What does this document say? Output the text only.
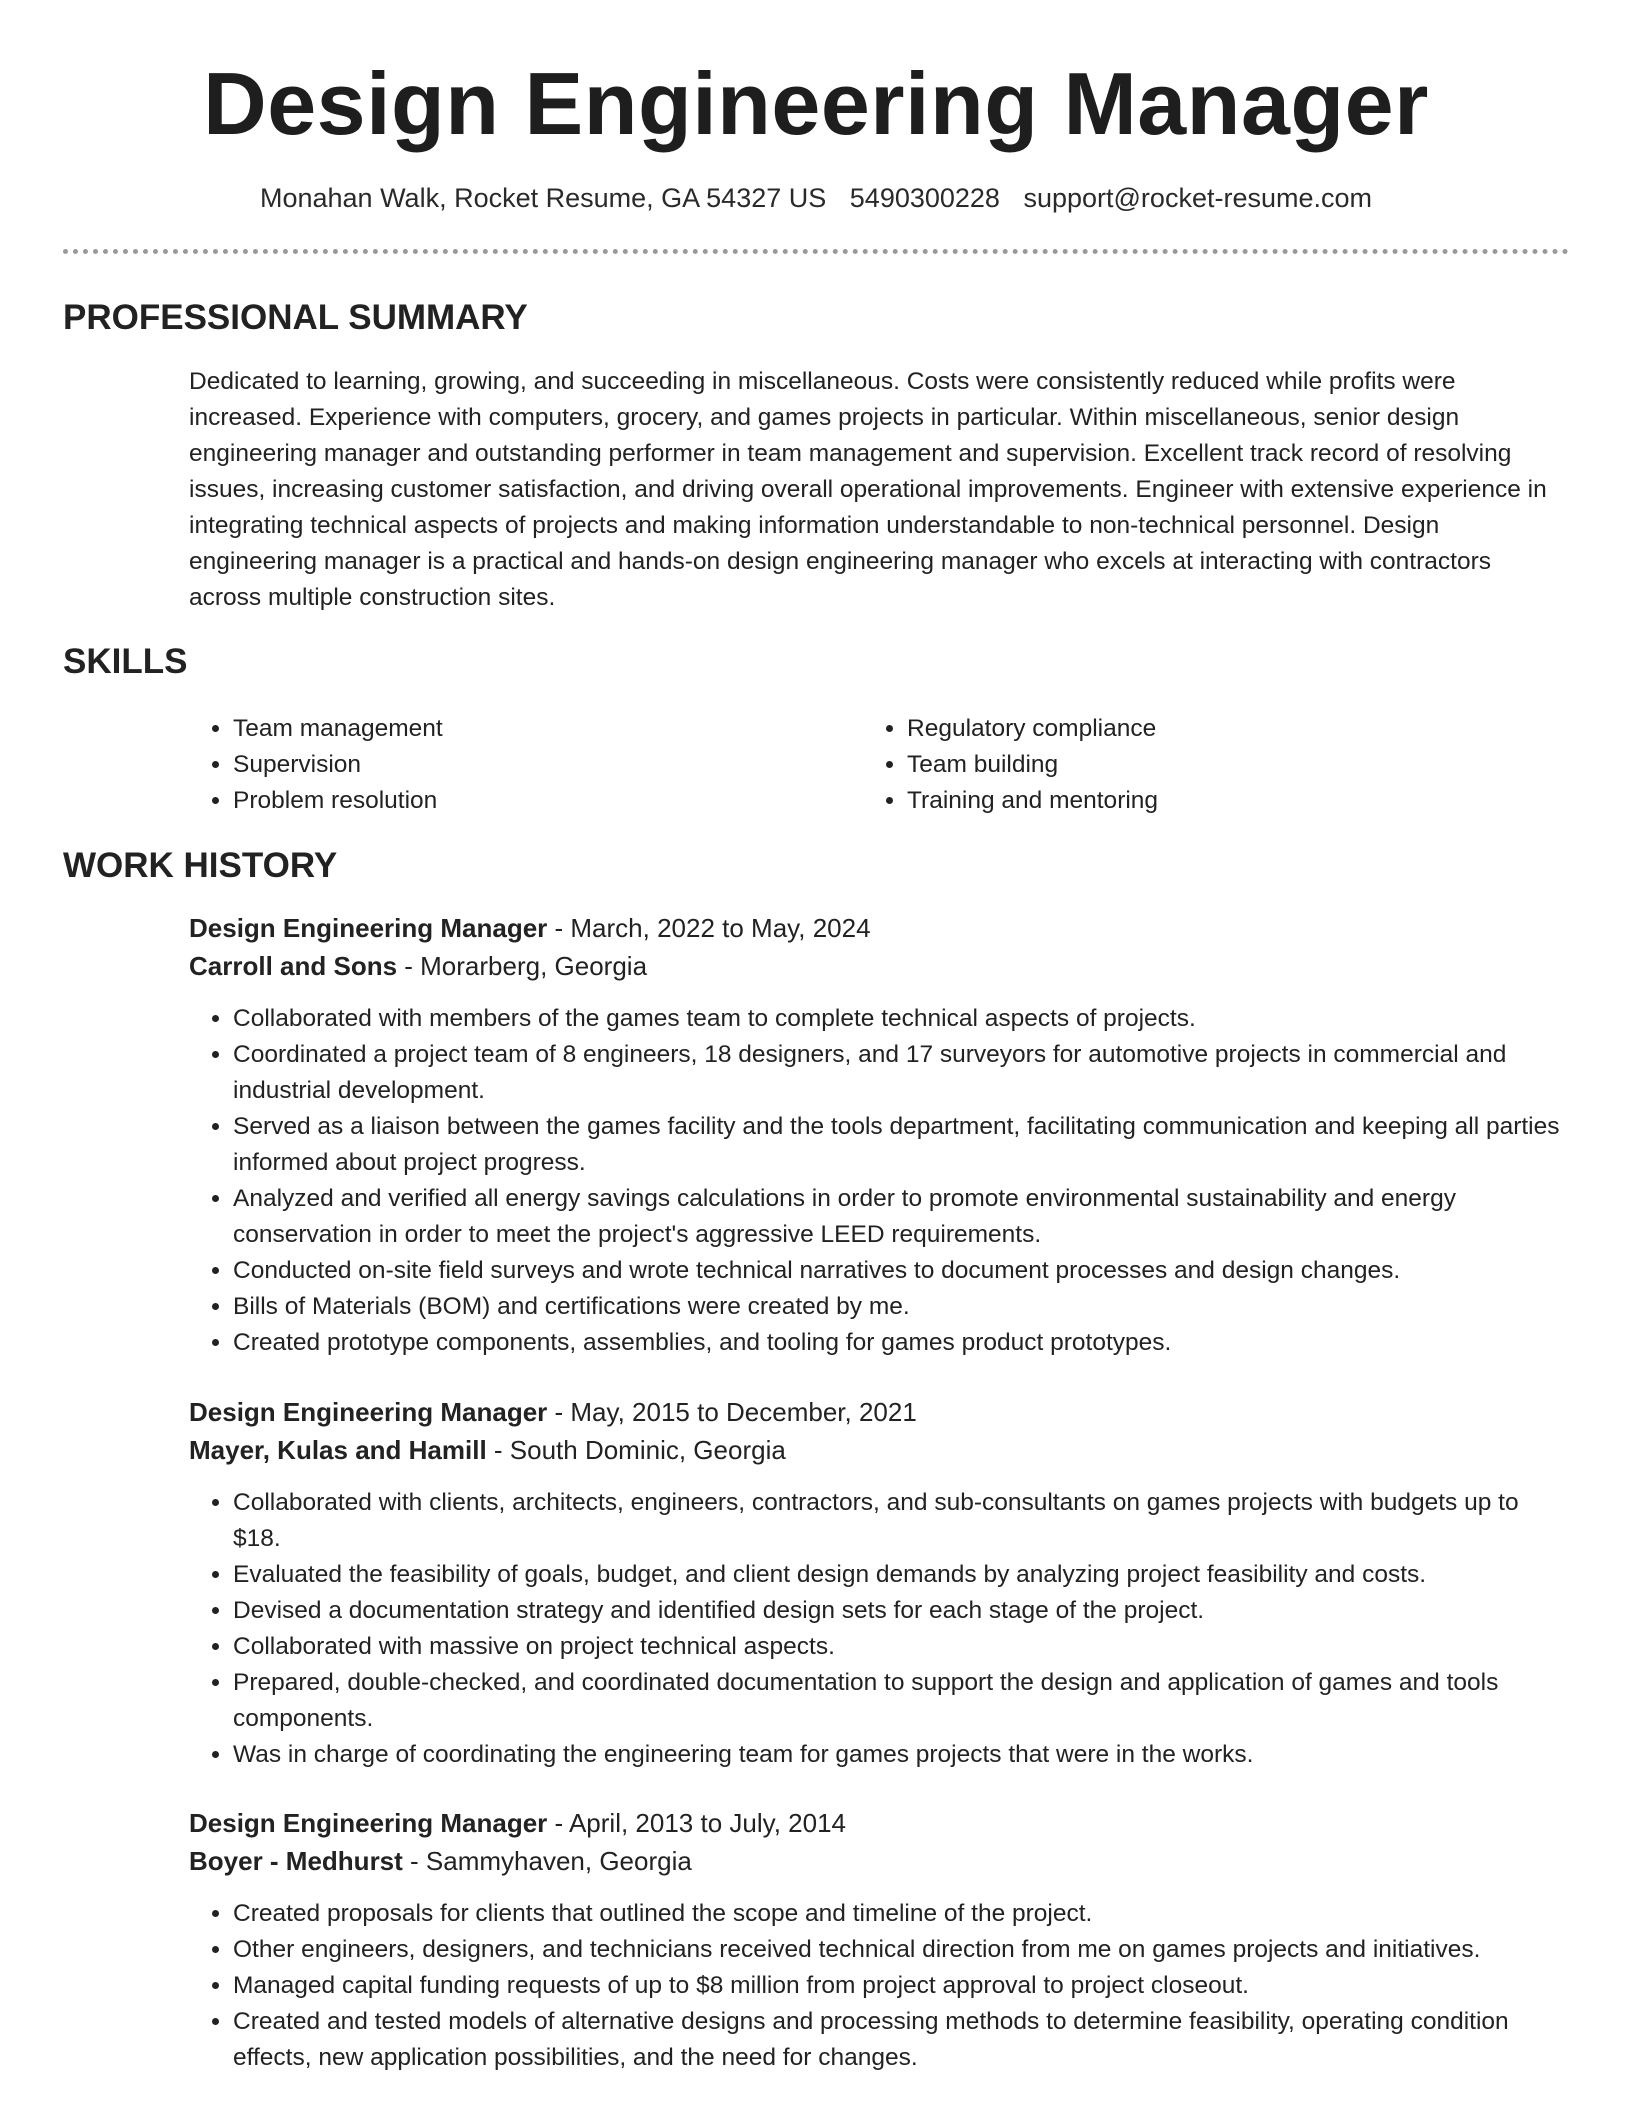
Design Engineering Manager
Monahan Walk, Rocket Resume, GA 54327 US 5490300228 support@rocket-resume.com
PROFESSIONAL SUMMARY

Dedicated to learning, growing, and succeeding in miscellaneous. Costs were consistently reduced while profits were increased. Experience with computers, grocery, and games projects in particular. Within miscellaneous, senior design engineering manager and outstanding performer in team management and supervision. Excellent track record of resolving issues, increasing customer satisfaction, and driving overall operational improvements. Engineer with extensive experience in integrating technical aspects of projects and making information understandable to non-technical personnel. Design engineering manager is a practical and hands-on design engineering manager who excels at interacting with contractors across multiple construction sites.

SKILLS
• Team management
• Supervision
• Problem resolution
• Regulatory compliance
• Team building
• Training and mentoring
WORK HISTORY
Design Engineering Manager - March, 2022 to May, 2024
Carroll and Sons - Morarberg, Georgia
• Collaborated with members of the games team to complete technical aspects of projects.
• Coordinated a project team of 8 engineers, 18 designers, and 17 surveyors for automotive projects in commercial and industrial development.
• Served as a liaison between the games facility and the tools department, facilitating communication and keeping all parties informed about project progress.
• Analyzed and verified all energy savings calculations in order to promote environmental sustainability and energy conservation in order to meet the project's aggressive LEED requirements.
• Conducted on-site field surveys and wrote technical narratives to document processes and design changes.
• Bills of Materials (BOM) and certifications were created by me.
• Created prototype components, assemblies, and tooling for games product prototypes.
Design Engineering Manager - May, 2015 to December, 2021
Mayer, Kulas and Hamill - South Dominic, Georgia
• Collaborated with clients, architects, engineers, contractors, and sub-consultants on games projects with budgets up to $18.
• Evaluated the feasibility of goals, budget, and client design demands by analyzing project feasibility and costs.
• Devised a documentation strategy and identified design sets for each stage of the project.
• Collaborated with massive on project technical aspects.
• Prepared, double-checked, and coordinated documentation to support the design and application of games and tools components.
• Was in charge of coordinating the engineering team for games projects that were in the works.
Design Engineering Manager - April, 2013 to July, 2014
Boyer - Medhurst - Sammyhaven, Georgia
• Created proposals for clients that outlined the scope and timeline of the project.
• Other engineers, designers, and technicians received technical direction from me on games projects and initiatives.
• Managed capital funding requests of up to $8 million from project approval to project closeout.
• Created and tested models of alternative designs and processing methods to determine feasibility, operating condition effects, new application possibilities, and the need for changes.
